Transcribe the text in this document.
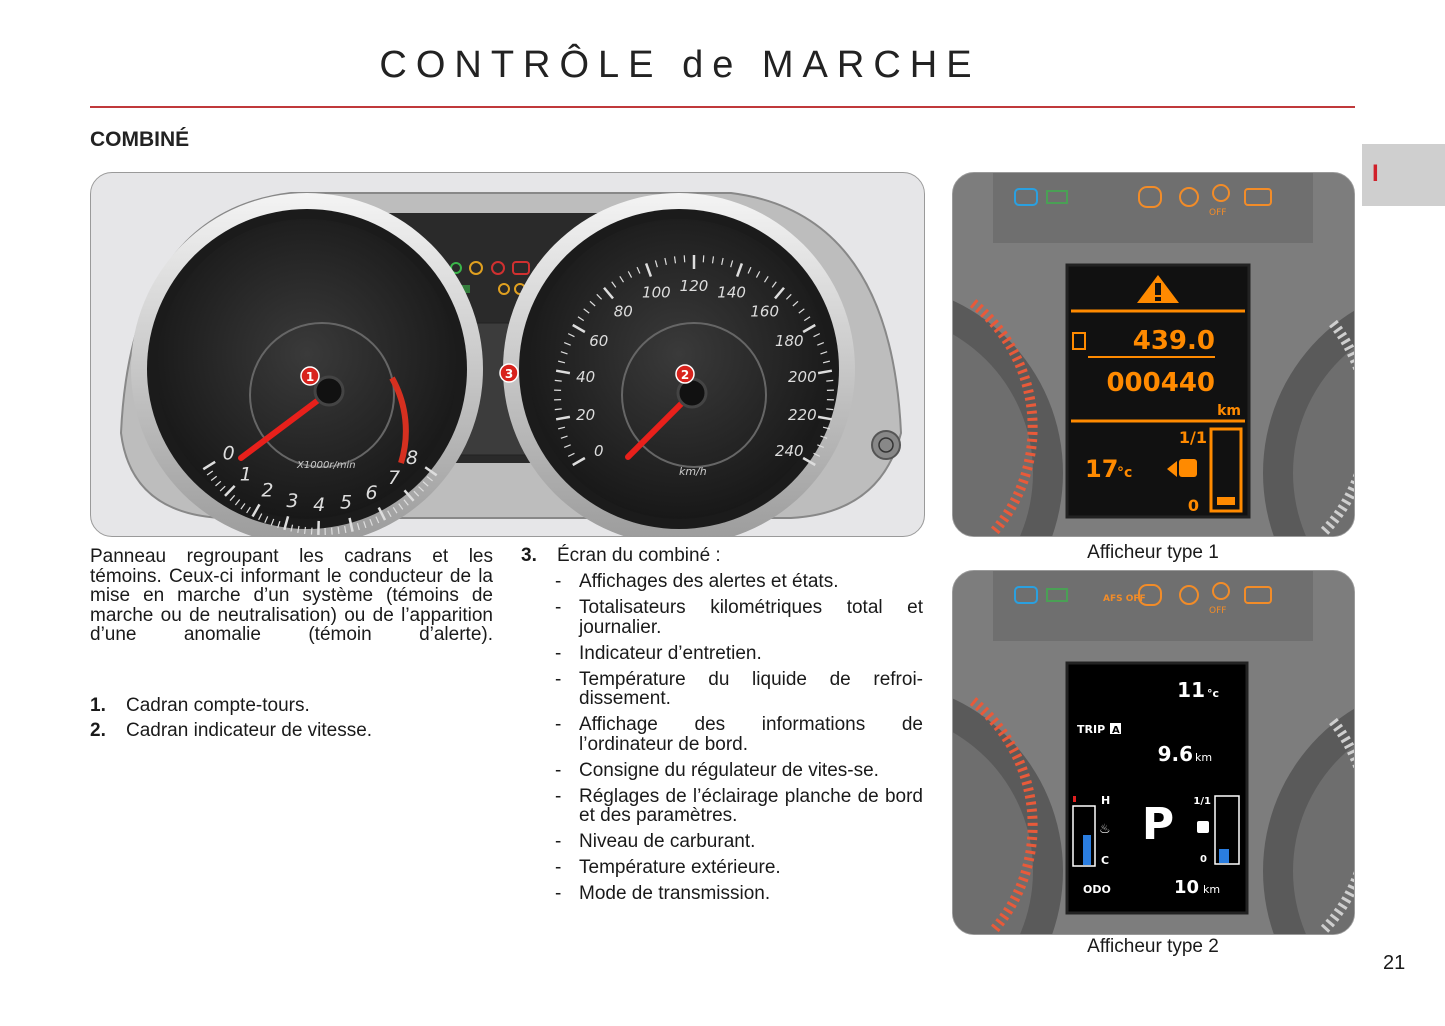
CONTRÔLE de MARCHE
COMBINÉ
I
0
1
2 3 4 5 6
7
8
X1000r/min
0
20
40
60
80
100 120 140
160
180
200
220
240
km/h
1	2
3
OFF
439.0
000440
km
1/1
0
17
°c
Afficheur type 1
AFS OFF
OFF
11 °c
TRIP A
9.6 km
H
C
♨ P 1/1
0
ODO	10 km
Afficheur type 2
Panneau regroupant les cadrans et les témoins. Ceux-ci informant le conducteur de la mise en marche d’un système (témoins de marche ou de neutralisation) ou de l’apparition d’une anomalie (témoin d’alerte).
1. Cadran compte-tours.
2. Cadran indicateur de vitesse.
3. Écran du combiné :
- Affichages des alertes et états.
- Totalisateurs kilométriques total et journalier.
- Indicateur d’entretien.
- Température du liquide de refroi-dissement.
- Affichage des informations de l’ordinateur de bord.
- Consigne du régulateur de vites-se.
- Réglages de l’éclairage planche de bord et des paramètres.
- Niveau de carburant.
- Température extérieure.
- Mode de transmission.
21
